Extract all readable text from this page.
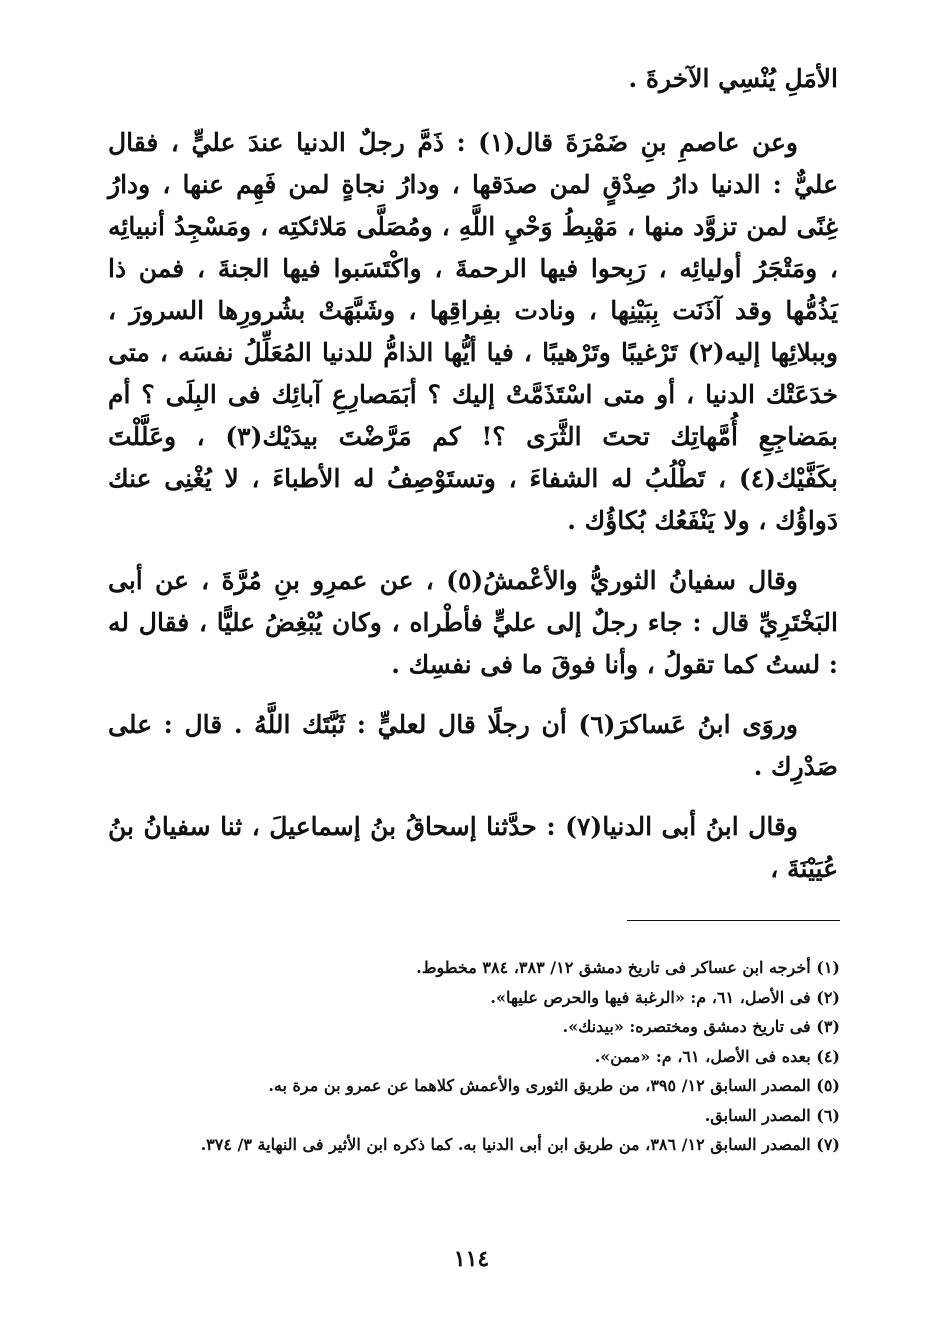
الأمَلِ يُنْسِي الآخرةَ .

وعن عاصمِ بنِ ضَمْرَةَ قال(١) : ذَمَّ رجلٌ الدنيا عندَ عليٍّ ، فقال عليٌّ : الدنيا دارُ صِدْقٍ لمن صدَقها ، ودارُ نجاةٍ لمن فَهِم عنها ، ودارُ غِنًى لمن تزوَّد منها ، مَهْبِطُ وَحْيِ اللَّهِ ، ومُصَلَّى مَلائكتِه ، ومَسْجِدُ أنبيائِه ، ومَتْجَرُ أوليائِه ، رَبِحوا فيها الرحمةَ ، واكْتَسَبوا فيها الجنةَ ، فمن ذا يَذُمُّها وقد آذَنَت بِبَيْنِها ، ونادت بفِراقِها ، وشَبَّهَتْ بشُرورِها السرورَ ، وببلائِها إليه(٢) تَرْغيبًا وتَرْهيبًا ، فيا أيُّها الذامُّ للدنيا المُعَلِّلُ نفسَه ، متى خدَعَتْك الدنيا ، أو متى اسْتَذَمَّتْ إليك ؟ أبَمَصارِعِ آبائِك فى البِلَى ؟ أم بمَضاجِعِ أُمَّهاتِك تحتَ الثَّرَى ؟! كم مَرَّضْتَ بيدَيْك(٣) ، وعَلَّلْتَ بكَفَّيْك(٤) ، تَطْلُبُ له الشفاءَ ، وتستَوْصِفُ له الأطباءَ ، لا يُغْنِى عنك دَواؤُك ، ولا يَنْفَعُك بُكاؤُك .

وقال سفيانُ الثوريُّ والأعْمشُ(٥) ، عن عمرِو بنِ مُرَّةَ ، عن أبى البَخْتَرِيِّ قال : جاء رجلٌ إلى عليٍّ فأطْراه ، وكان يُبْغِضُ عليًّا ، فقال له : لستُ كما تقولُ ، وأنا فوقَ ما فى نفسِك .

وروَى ابنُ عَساكرَ(٦) أن رجلًا قال لعليٍّ : ثَبَّتَك اللَّهُ . قال : على صَدْرِك .

وقال ابنُ أبى الدنيا(٧) : حدَّثنا إسحاقُ بنُ إسماعيلَ ، ثنا سفيانُ بنُ عُيَيْنَةَ ،

(١) أخرجه ابن عساكر فى تاريخ دمشق ١٢/ ٣٨٣، ٣٨٤ مخطوط.
(٢) فى الأصل، ٦١، م: «الرغبة فيها والحرص عليها».
(٣) فى تاريخ دمشق ومختصره: «بيدنك».
(٤) بعده فى الأصل، ٦١، م: «ممن».
(٥) المصدر السابق ١٢/ ٣٩٥، من طريق الثورى والأعمش كلاهما عن عمرو بن مرة به.
(٦) المصدر السابق.
(٧) المصدر السابق ١٢/ ٣٨٦، من طريق ابن أبى الدنيا به. كما ذكره ابن الأثير فى النهاية ٣/ ٣٧٤.
١١٤
